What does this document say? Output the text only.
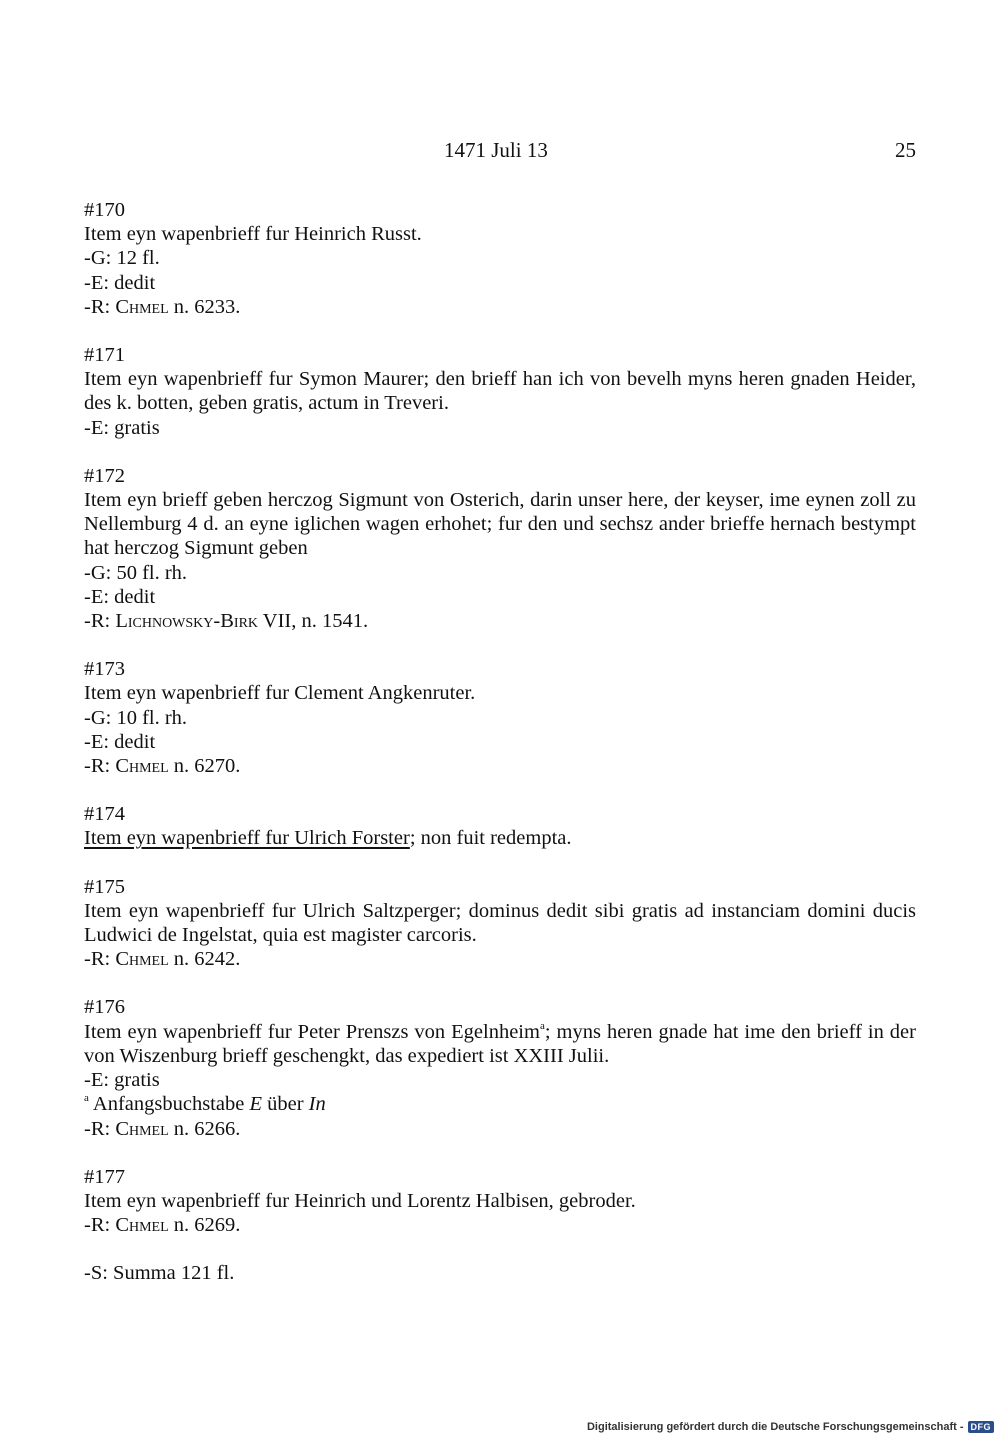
1471 Juli 13	25
#170
Item eyn wapenbrieff fur Heinrich Russt.
-G: 12 fl.
-E: dedit
-R: Chmel n. 6233.
#171
Item eyn wapenbrieff fur Symon Maurer; den brieff han ich von bevelh myns heren gnaden Heider, des k. botten, geben gratis, actum in Treveri.
-E: gratis
#172
Item eyn brieff geben herczog Sigmunt von Osterich, darin unser here, der keyser, ime eynen zoll zu Nellemburg 4 d. an eyne iglichen wagen erhohet; fur den und sechsz ander brieffe hernach bestympt hat herczog Sigmunt geben
-G: 50 fl. rh.
-E: dedit
-R: Lichnowsky-Birk VII, n. 1541.
#173
Item eyn wapenbrieff fur Clement Angkenruter.
-G: 10 fl. rh.
-E: dedit
-R: Chmel n. 6270.
#174
Item eyn wapenbrieff fur Ulrich Forster; non fuit redempta.
#175
Item eyn wapenbrieff fur Ulrich Saltzperger; dominus dedit sibi gratis ad instanciam domini ducis Ludwici de Ingelstat, quia est magister carcoris.
-R: Chmel n. 6242.
#176
Item eyn wapenbrieff fur Peter Prenszs von Egelnheim$^a$; myns heren gnade hat ime den brieff in der von Wiszenburg brieff geschengkt, das expediert ist XXIII Julii.
-E: gratis
$^a$ Anfangsbuchstabe E über In
-R: Chmel n. 6266.
#177
Item eyn wapenbrieff fur Heinrich und Lorentz Halbisen, gebroder.
-R: Chmel n. 6269.
-S: Summa 121 fl.
Digitalisierung gefördert durch die Deutsche Forschungsgemeinschaft - DFG
